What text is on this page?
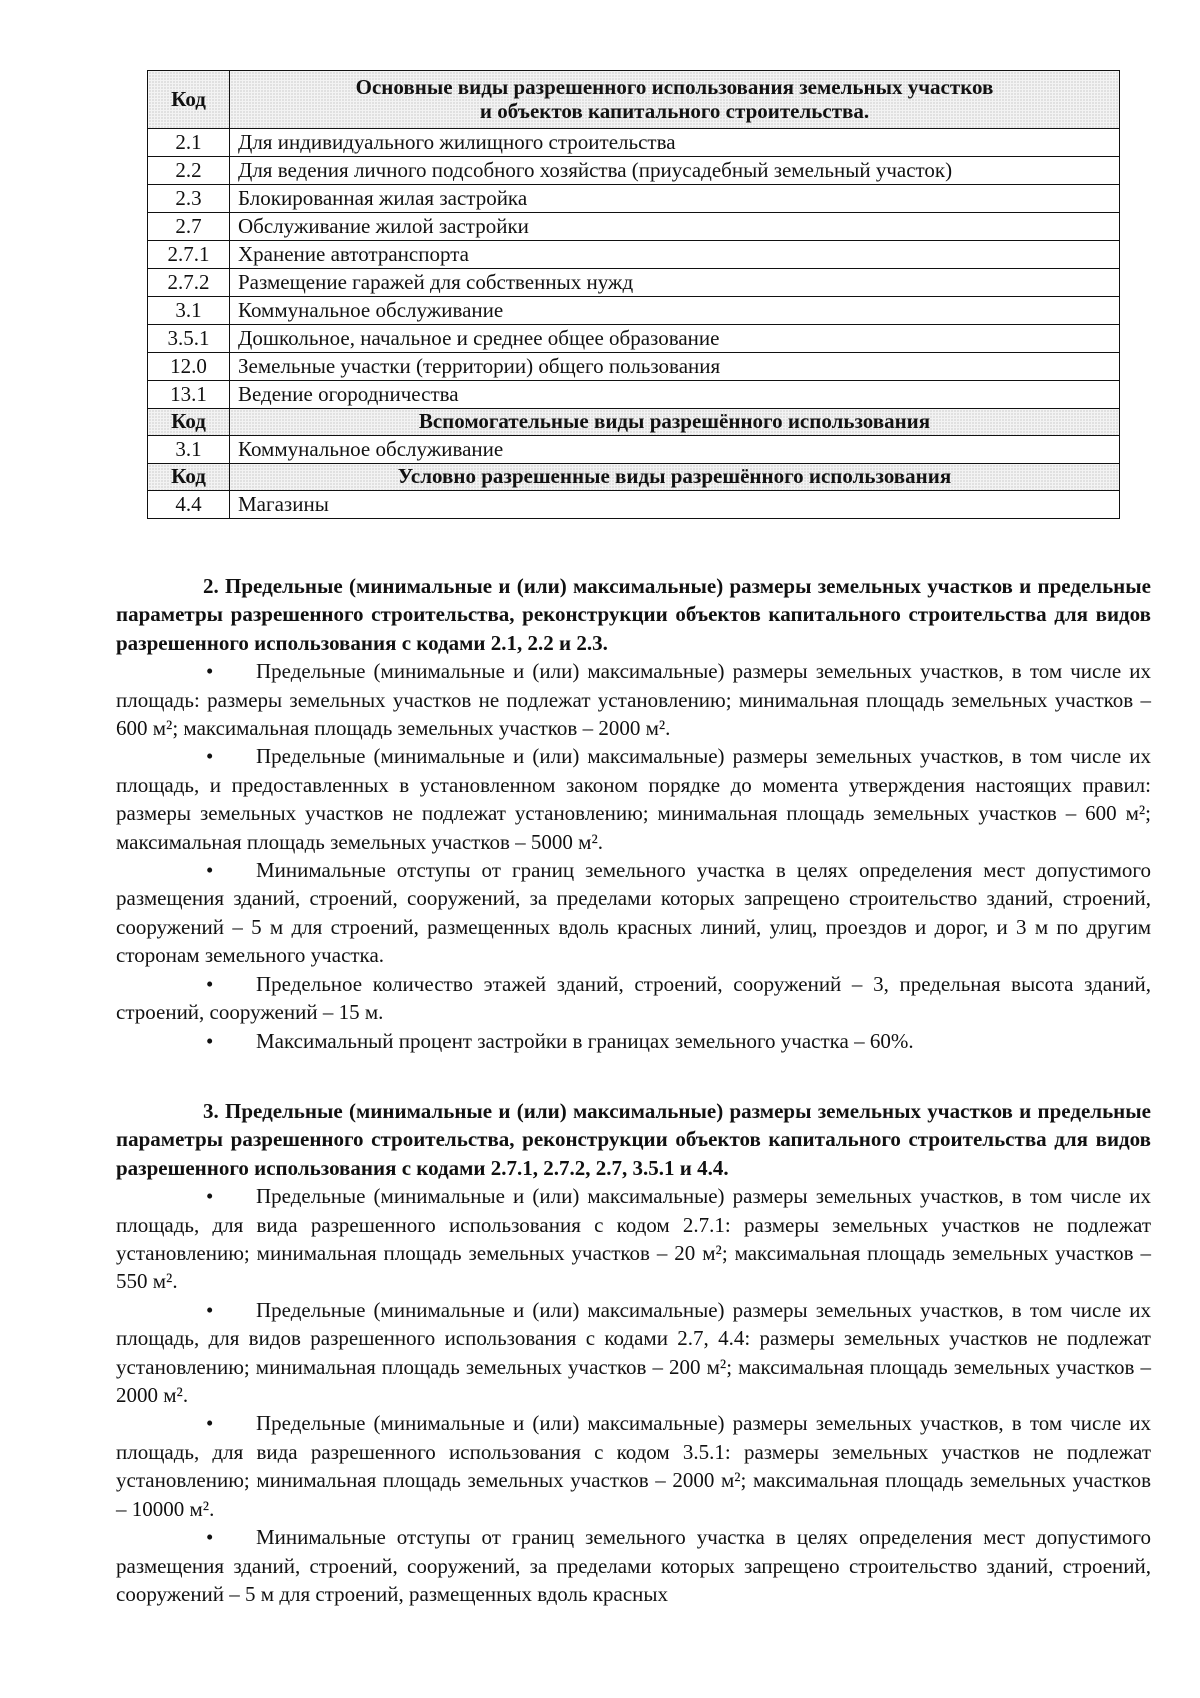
Код	Основные виды разрешенного использования земельных участков
и объектов капитального строительства.

2.1	Для индивидуального жилищного строительства
2.2	Для ведения личного подсобного хозяйства (приусадебный земельный участок)
2.3	Блокированная жилая застройка
2.7	Обслуживание жилой застройки
2.7.1	Хранение автотранспорта
2.7.2	Размещение гаражей для собственных нужд
3.1	Коммунальное обслуживание
3.5.1	Дошкольное, начальное и среднее общее образование
12.0	Земельные участки (территории) общего пользования
13.1	Ведение огородничества
Код	Вспомогательные виды разрешённого использования
3.1	Коммунальное обслуживание
Код	Условно разрешенные виды разрешённого использования
4.4	Магазины

2. Предельные (минимальные и (или) максимальные) размеры земельных участков и предельные параметры разрешенного строительства, реконструкции объектов капитального строительства для видов разрешенного использования с кодами 2.1, 2.2 и 2.3.

• Предельные (минимальные и (или) максимальные) размеры земельных участков, в том числе их площадь: размеры земельных участков не подлежат установлению; минимальная площадь земельных участков – 600 м²; максимальная площадь земельных участков – 2000 м².

• Предельные (минимальные и (или) максимальные) размеры земельных участков, в том числе их площадь, и предоставленных в установленном законом порядке до момента утверждения настоящих правил: размеры земельных участков не подлежат установлению; минимальная площадь земельных участков – 600 м²; максимальная площадь земельных участков – 5000 м².

• Минимальные отступы от границ земельного участка в целях определения мест допустимого размещения зданий, строений, сооружений, за пределами которых запрещено строительство зданий, строений, сооружений – 5 м для строений, размещенных вдоль красных линий, улиц, проездов и дорог, и 3 м по другим сторонам земельного участка.

• Предельное количество этажей зданий, строений, сооружений – 3, предельная высота зданий, строений, сооружений – 15 м.

• Максимальный процент застройки в границах земельного участка – 60%.

3. Предельные (минимальные и (или) максимальные) размеры земельных участков и предельные параметры разрешенного строительства, реконструкции объектов капитального строительства для видов разрешенного использования с кодами 2.7.1, 2.7.2, 2.7, 3.5.1 и 4.4.

• Предельные (минимальные и (или) максимальные) размеры земельных участков, в том числе их площадь, для вида разрешенного использования с кодом 2.7.1: размеры земельных участков не подлежат установлению; минимальная площадь земельных участков – 20 м²; максимальная площадь земельных участков – 550 м².

• Предельные (минимальные и (или) максимальные) размеры земельных участков, в том числе их площадь, для видов разрешенного использования с кодами 2.7, 4.4: размеры земельных участков не подлежат установлению; минимальная площадь земельных участков – 200 м²; максимальная площадь земельных участков – 2000 м².

• Предельные (минимальные и (или) максимальные) размеры земельных участков, в том числе их площадь, для вида разрешенного использования с кодом 3.5.1: размеры земельных участков не подлежат установлению; минимальная площадь земельных участков – 2000 м²; максимальная площадь земельных участков – 10000 м².

• Минимальные отступы от границ земельного участка в целях определения мест допустимого размещения зданий, строений, сооружений, за пределами которых запрещено строительство зданий, строений, сооружений – 5 м для строений, размещенных вдоль красных
